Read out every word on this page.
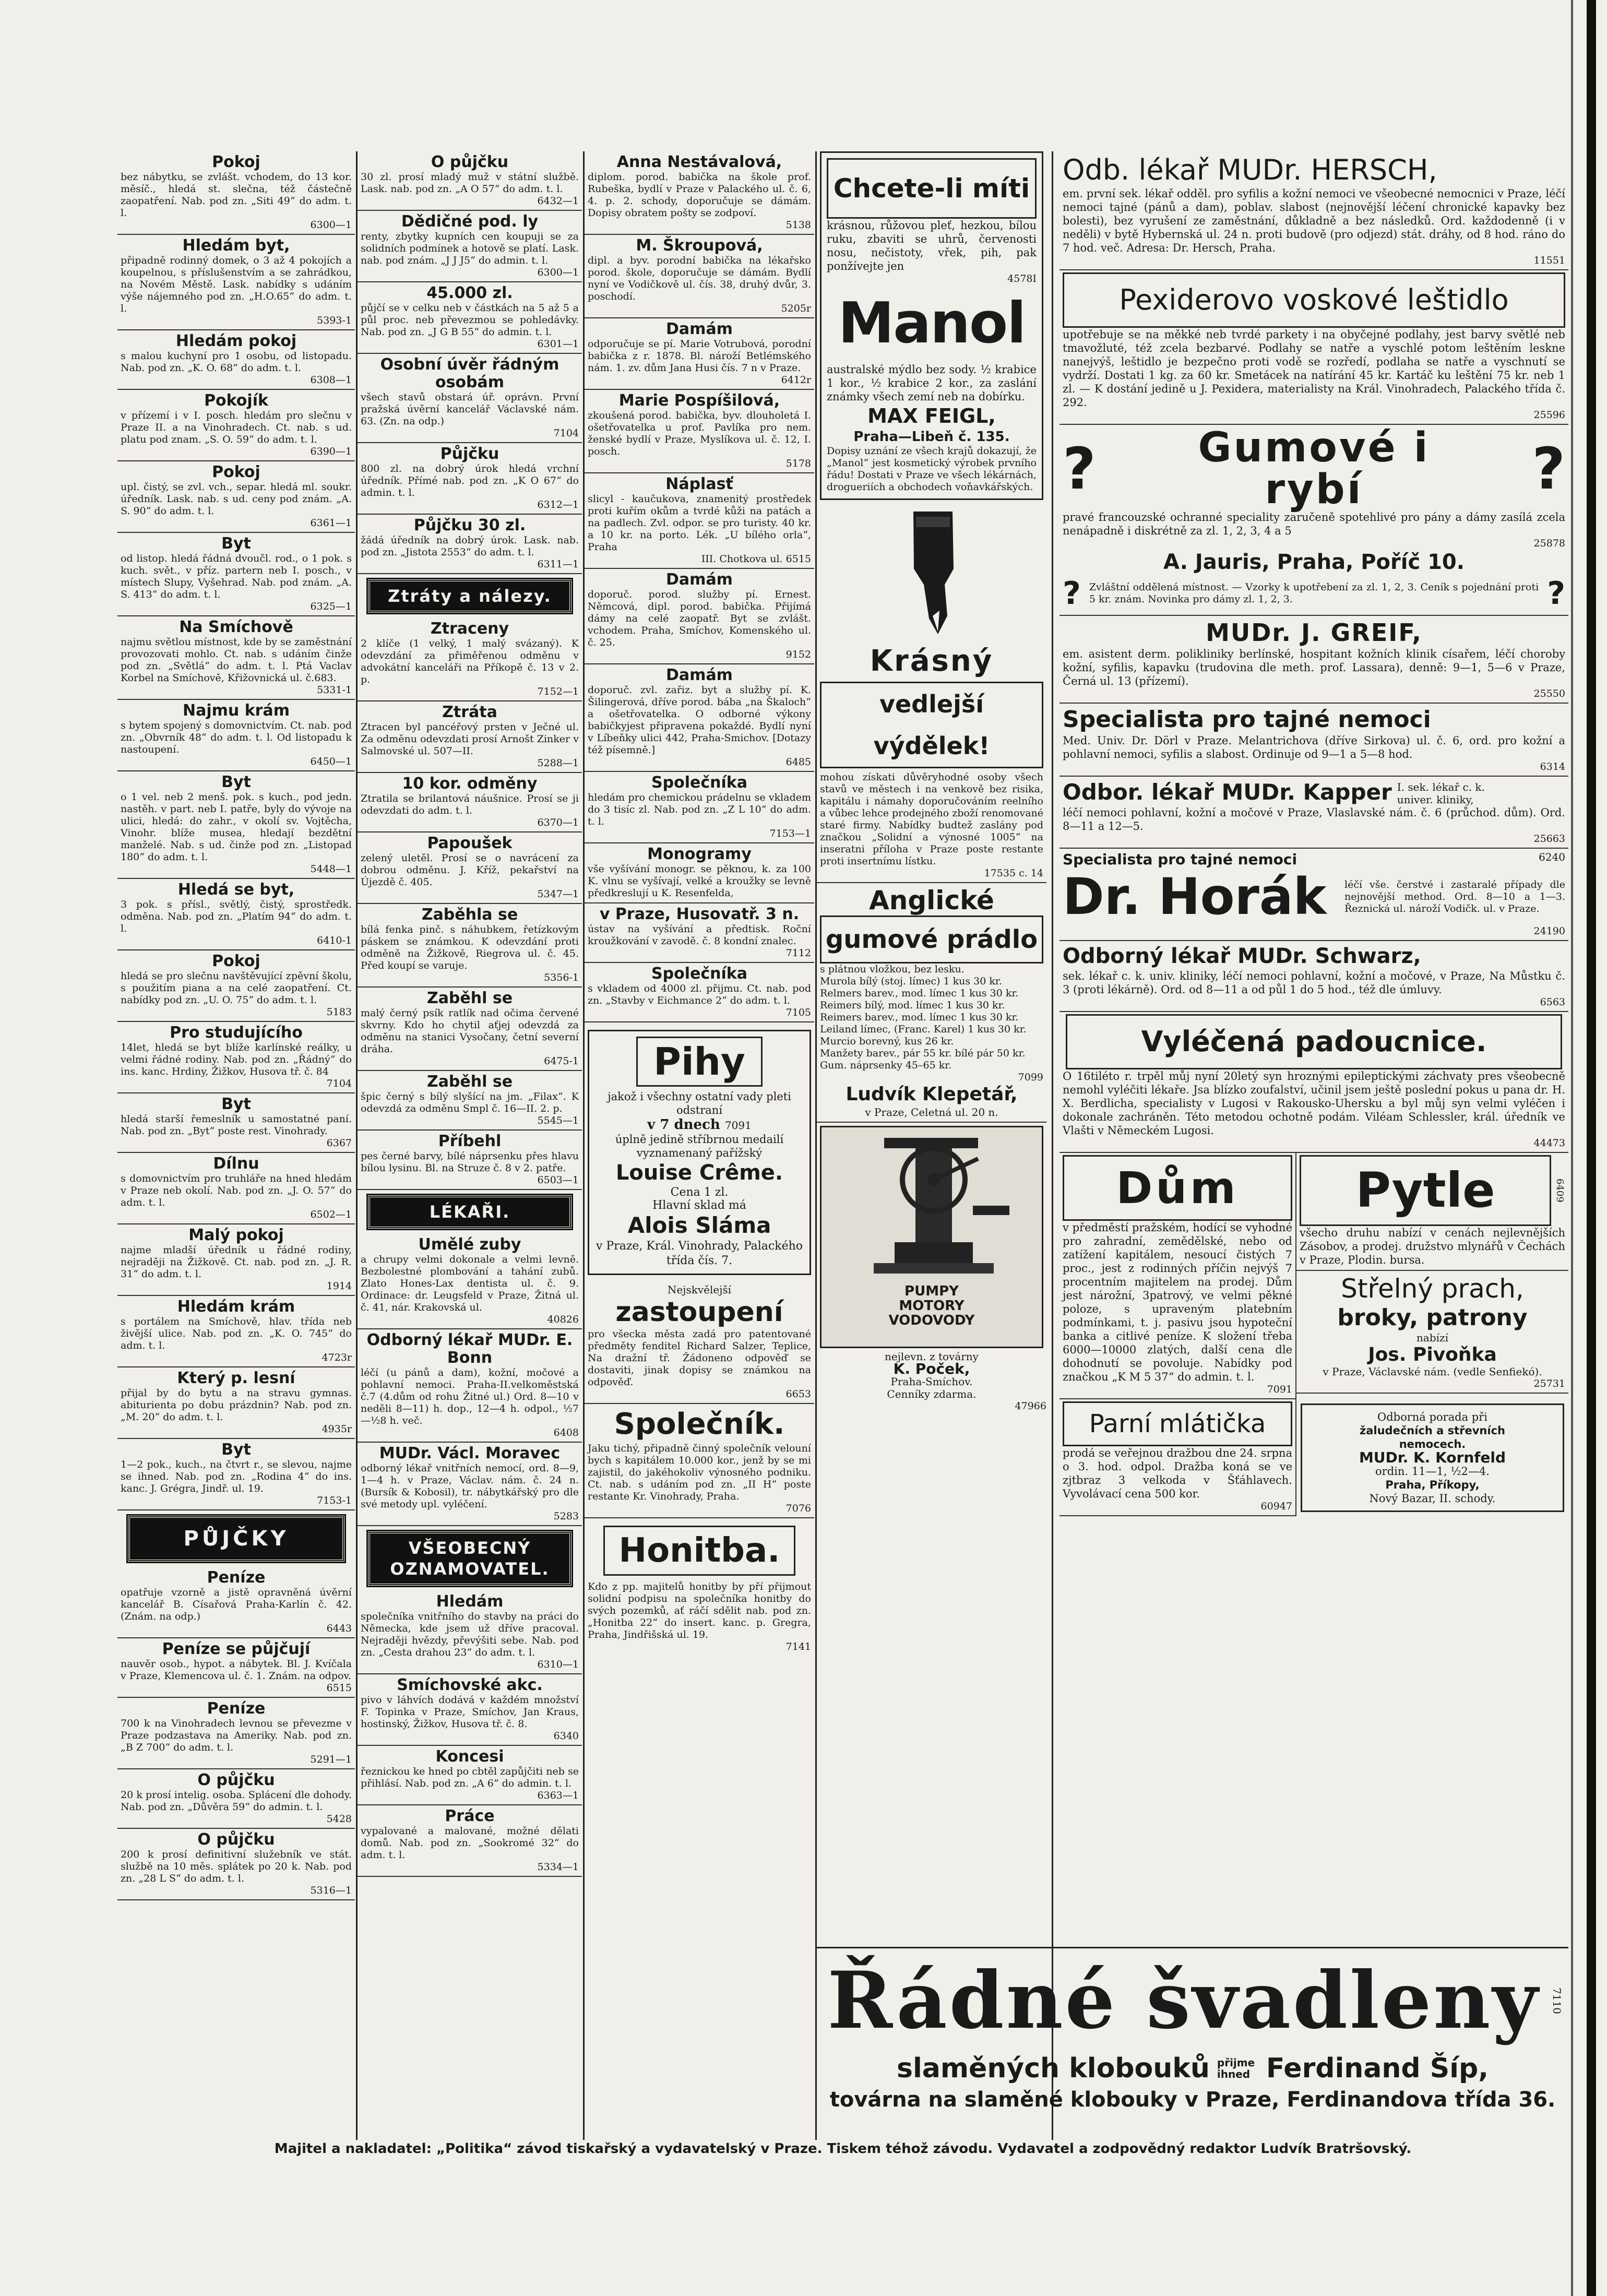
Pokoj
bez nábytku, se zvlášt. vchodem, do 13 kor. měsíč., hledá st. slečna, též částečně zaopatření. Nab. pod zn. „Siti 49“ do adm. t. l.
6300—1
Hledám byt,
připadně rodinný domek, o 3 až 4 pokojích a koupelnou, s příslušenstvím a se zahrádkou, na Novém Městě. Lask. nabídky s udáním výše nájemného pod zn. „H.O.65“ do adm. t. l.
5393-1
Hledám pokoj
s malou kuchyní pro 1 osobu, od listopadu. Nab. pod zn. „K. O. 68“ do adm. t. l.
6308—1
Pokojík
v přízemí i v I. posch. hledám pro slečnu v Praze II. a na Vinohradech. Ct. nab. s ud. platu pod znam. „S. O. 59“ do adm. t. l.
6390—1
Pokoj
upl. čistý, se zvl. vch., separ. hledá ml. soukr. úředník. Lask. nab. s ud. ceny pod znám. „A. S. 90“ do adm. t. l.
6361—1
Byt
od listop. hledá řádná dvoučl. rod., o 1 pok. s kuch. svět., v příz. partern neb I. posch., v místech Slupy, Vyšehrad. Nab. pod znám. „A. S. 413“ do adm. t. l.
6325—1
Na Smíchově
najmu světlou místnost, kde by se zaměstnání provozovati mohlo. Ct. nab. s udáním činže pod zn. „Světlá“ do adm. t. l. Ptá Vaclav Korbel na Smíchově, Křižovnická ul. č.683.
5331-1
Najmu krám
s bytem spojený s domovnictvím. Ct. nab. pod zn. „Obvrník 48“ do adm. t. l. Od listopadu k nastoupení.
6450—1
Byt
o 1 vel. neb 2 menš. pok. s kuch., pod jedn. nastěh. v part. neb I. patře, byly do vývoje na ulici, hledá: do zahr., v okolí sv. Vojtěcha, Vinohr. blíže musea, hledají bezdětní manželé. Nab. s ud. činže pod zn. „Listopad 180“ do adm. t. l.
5448—1
Hledá se byt,
3 pok. s přísl., světlý, čistý, sprostředk. odměna. Nab. pod zn. „Platím 94“ do adm. t. l.
6410-1
Pokoj
hledá se pro slečnu navštěvující zpěvní školu, s použitím piana a na celé zaopatření. Ct. nabídky pod zn. „U. O. 75“ do adm. t. l.
5183
Pro studujícího
14let, hledá se byt blíže karlínské reálky, u velmi řádné rodiny. Nab. pod zn. „Řádný“ do ins. kanc. Hrdiny, Žižkov, Husova tř. č. 84
7104
Byt
hledá starší řemeslník u samostatné paní. Nab. pod zn. „Byt“ poste rest. Vinohrady.
6367
Dílnu
s domovnictvím pro truhláře na hned hledám v Praze neb okolí. Nab. pod zn. „J. O. 57“ do adm. t. l.
6502—1
Malý pokoj
najme mladší úředník u řádné rodiny, nejraději na Žižkově. Ct. nab. pod zn. „J. R. 31“ do adm. t. l.
1914
Hledám krám
s portálem na Smíchově, hlav. třída neb živější ulice. Nab. pod zn. „K. O. 745“ do adm. t. l.
4723r
Který p. lesní
přijal by do bytu a na stravu gymnas. abiturienta po dobu prázdnin? Nab. pod zn. „M. 20“ do adm. t. l.
4935r
Byt
1—2 pok., kuch., na čtvrt r., se slevou, najme se ihned. Nab. pod zn. „Rodina 4“ do ins. kanc. J. Grégra, Jindř. ul. 19.
7153-1
PŮJČKY
Peníze
opatřuje vzorně a jistě opravněná úvěrní kancelář B. Císařová Praha-Karlín č. 42. (Znám. na odp.)
6443
Peníze se půjčují
nauvěr osob., hypot. a nábytek. Bl. J. Kvíčala v Praze, Klemencova ul. č. 1. Znám. na odpov.
6515
Peníze
700 k na Vinohradech levnou se převezme v Praze podzastava na Ameriky. Nab. pod zn. „B Z 700“ do adm. t. l.
5291—1
O půjčku
20 k prosí intelig. osoba. Splácení dle dohody. Nab. pod zn. „Důvěra 59“ do admin. t. l.
5428
O půjčku
200 k prosí definitivní služebník ve stát. službě na 10 měs. splátek po 20 k. Nab. pod zn. „28 L S“ do adm. t. l.
5316—1
O půjčku
30 zl. prosí mladý muž v státní službě. Lask. nab. pod zn. „A O 57“ do adm. t. l.
6432—1
Dědičné pod. ly
renty, zbytky kupních cen koupuji se za solidních podmínek a hotově se platí. Lask. nab. pod znám. „J J J5“ do admin. t. l.
6300—1
45.000 zl.
půjčí se v celku neb v částkách na 5 až 5 a půl proc. neb převezmou se pohledávky. Nab. pod zn. „J G B 55“ do admin. t. l.
6301—1
Osobní úvěr řádným osobám
všech stavů obstará úř. oprávn. První pražská úvěrní kancelář Václavské nám. 63. (Zn. na odp.)
7104
Půjčku
800 zl. na dobrý úrok hledá vrchní úředník. Přímé nab. pod zn. „K O 67“ do admin. t. l.
6312—1
Půjčku 30 zl.
žádá úředník na dobrý úrok. Lask. nab. pod zn. „Jistota 2553“ do adm. t. l.
6311—1
Ztráty a nálezy.
Ztraceny
2 klíče (1 velký, 1 malý svázaný). K odevzdání za přiměřenou odměnu v advokátní kanceláři na Příkopě č. 13 v 2. p.
7152—1
Ztráta
Ztracen byl pancéřový prsten v Ječné ul. Za odměnu odevzdati prosí Arnošt Zinker v Salmovské ul. 507—II.
5288—1
10 kor. odměny
Ztratila se brilantová náušnice. Prosí se ji odevzdati do adm. t. l.
6370—1
Papoušek
zelený uletěl. Prosí se o navrácení za dobrou odměnu. J. Kříž, pekařství na Újezdě č. 405.
5347—1
Zaběhla se
bílá fenka pinč. s náhubkem, řetízkovým páskem se známkou. K odevzdání proti odměně na Žižkově, Riegrova ul. č. 45. Před koupí se varuje.
5356-1
Zaběhl se
malý černý psík ratlík nad očima červené skvrny. Kdo ho chytil aťjej odevzdá za odměnu na stanici Vysočany, četní severní dráha.
6475-1
Zaběhl se
špic černý s bílý slyšící na jm. „Filax“. K odevzdá za odměnu Smpl č. 16—II. 2. p.
5545—1
Příbehl
pes černé barvy, bílé náprsenku přes hlavu bílou lysinu. Bl. na Struze č. 8 v 2. patře.
6503—1
LÉKAŘI.
Umělé zuby
a chrupy velmi dokonale a velmi levně. Bezbolestné plombování a tahání zubů. Zlato Hones-Lax dentista ul. č. 9. Ordinace: dr. Leugsfeld v Praze, Žitná ul. č. 41, nár. Krakovská ul.
40826
Odborný lékař MUDr. E. Bonn
léčí (u pánů a dam), kožní, močové a pohlavní nemoci. Praha-II.velkoměstská č.7 (4.dům od rohu Žitné ul.) Ord. 8—10 v neděli 8—11) h. dop., 12—4 h. odpol., ½7—½8 h. več.
6408
MUDr. Václ. Moravec
odborný lékař vnitřních nemocí, ord. 8—9, 1—4 h. v Praze, Václav. nám. č. 24 n. (Bursík & Kobosil), tr. nábytkářský pro dle své metody upl. vyléčení.
5283
VŠEOBECNÝ OZNAMOVATEL.
Hledám
společníka vnitřního do stavby na práci do Německa, kde jsem už dříve pracoval. Nejraději hvězdy, převýšiti sebe. Nab. pod zn. „Cesta drahou 23“ do adm. t. l.
6310—1
Smíchovské akc.
pivo v láhvích dodává v každém množství F. Topinka v Praze, Smíchov, Jan Kraus, hostinský, Žižkov, Husova tř. č. 8.
6340
Koncesi
řeznickou ke hned po cbtěl zapůjčiti neb se přihlásí. Nab. pod zn. „A 6“ do admin. t. l.
6363—1
Práce
vypalované a malované, možné dělati domů. Nab. pod zn. „Sookromé 32“ do adm. t. l.
5334—1
Anna Nestávalová,
diplom. porod. babička na škole prof. Rubeška, bydlí v Praze v Palackého ul. č. 6, 4. p. 2. schody, doporučuje se dámám. Dopisy obratem pošty se zodpoví.
5138
M. Škroupová,
dipl. a byv. porodní babička na lékařsko porod. škole, doporučuje se dámám. Bydlí nyní ve Vodičkově ul. čís. 38, druhý dvůr, 3. poschodí.
5205r
Damám
odporučuje se pí. Marie Votrubová, porodní babička z r. 1878. Bl. nároží Betlémského nám. 1. zv. dům Jana Husi čís. 7 n v Praze.
6412r
Marie Pospíšilová,
zkoušená porod. babička, byv. dlouholetá I. ošetřovatelka u prof. Pavlíka pro nem. ženské bydlí v Praze, Myslíkova ul. č. 12, I. posch.
5178
Náplasť
slicyl - kaučukova, znamenitý prostředek proti kuřím okům a tvrdé kůži na patách a na padlech. Zvl. odpor. se pro turisty. 40 kr. a 10 kr. na porto. Lék. „U bílého orla“, Praha
III. Chotkova ul. 6515
Damám
doporuč. porod. služby pí. Ernest. Němcová, dipl. porod. babička. Přijímá dámy na celé zaopatř. Byt se zvlášt. vchodem. Praha, Smíchov, Komenského ul. č. 25.
9152
Damám
doporuč. zvl. zařiz. byt a služby pí. K. Šilingerová, dříve porod. bába „na Škaloch“ a ošetřovatelka. O odborné výkony babičkyjest připravena pokaždé. Bydlí nyní v Líbeňky ulici 442, Praha-Smichov. [Dotazy též písemně.]
6485
Společníka
hledám pro chemickou prádelnu se vkladem do 3 tisíc zl. Nab. pod zn. „Z L 10“ do adm. t. l.
7153—1
Monogramy
vše vyšívání monogr. se pěknou, k. za 100 K. vlnu se vyšívají, velké a kroužky se levně předkreslují u K. Resenfelda,
v Praze, Husovatř. 3 n.
ústav na vyšívání a předtisk. Roční kroužkování v zavodě. č. 8 kondní znalec.
7112
Společníka
s vkladem od 4000 zl. přijmu. Ct. nab. pod zn. „Stavby v Eichmance 2“ do adm. t. l.
7105
Pihy
jakož i všechny ostatní vady pleti odstraní
v 7 dnech 7091
úplně jedině stříbrnou medailí vyznamenaný pařížský
Louise Crême.
Cena 1 zl.
Hlavní sklad má
Alois Sláma
v Praze, Král. Vinohrady, Palackého třída čís. 7.
Nejskvělejší
zastoupení
pro všecka města zadá pro patentované předměty fenditel Richard Salzer, Teplice, Na dražní tř. Žádoneno odpověď se dostaviti, jinak dopisy se známkou na odpověď.
6653
Společník.
Jaku tichý, připadně činný společník velouní bych s kapitálem 10.000 kor., jenž by se mi zajistil, do jakéhokoliv výnosného podniku. Ct. nab. s udáním pod zn. „II H“ poste restante Kr. Vinohrady, Praha.
7076
Honitba.
Kdo z pp. majitelů honitby by pří přijmout solidní podpisu na společníka honitby do svých pozemků, ať ráčí sdělit nab. pod zn. „Honitba 22“ do insert. kanc. p. Gregra, Praha, Jindřišská ul. 19.
7141
Chcete-li míti
krásnou, růžovou pleť, hezkou, bílou ruku, zbaviti se uhrů, červenosti nosu, nečistoty, vřek, pih, pak ponžívejte jen
4578I
Manol
australské mýdlo bez sody. ½ krabice 1 kor., ½ krabice 2 kor., za zaslání známky všech zemí neb na dobírku.
MAX FEIGL,
Praha—Libeň č. 135.
Dopisy uznání ze všech krajů dokazují, že „Manol“ jest kosmetický výrobek prvního řádu! Dostati v Praze ve všech lékárnách, drogueriích a obchodech voňavkářských.
Krásný
vedlejší výdělek!
mohou získati důvěryhodné osoby všech stavů ve městech i na venkově bez risika, kapitálu i námahy doporučováním reelního a vůbec lehce prodejného zboží renomované staré firmy. Nabídky budtež zaslány pod značkou „Solidní a výnosné 1005“ na inseratni příloha v Praze poste restante proti insertnímu lístku.
17535 c. 14
Anglické
gumové prádlo
s plátnou vložkou, bez lesku.
Murola bílý (stoj. límec) 1 kus 30 kr.
Relmers barev., mod. límec 1 kus 30 kr.
Reimers bílý, mod. límec 1 kus 30 kr.
Reimers barev., mod. límec 1 kus 30 kr.
Leiland límec, (Franc. Karel) 1 kus 30 kr.
Murcio borevný, kus 26 kr.
Manžety barev., pár 55 kr. bílé pár 50 kr.
Gum. náprsenky 45–65 kr.
7099
Ludvík Klepetář,
v Praze, Celetná ul. 20 n.
PUMPY MOTORY VODOVODY
nejlevn. z továrny
K. Poček,
Praha-Smíchov.
Cenníky zdarma.
47966
Odb. lékař MUDr. HERSCH,
em. první sek. lékař odděl. pro syfilis a kožní nemoci ve všeobecné nemocnici v Praze, léčí nemoci tajné (pánů a dam), poblav. slabost (nejnovější léčení chronické kapavky bez bolesti), bez vyrušení ze zaměstnání, důkladně a bez následků. Ord. každodenně (i v neděli) v bytě Hybernská ul. 24 n. proti budově (pro odjezd) stát. dráhy, od 8 hod. ráno do 7 hod. več. Adresa: Dr. Hersch, Praha.
11551
Pexiderovo voskové leštidlo
upotřebuje se na měkké neb tvrdé parkety i na obyčejné podlahy, jest barvy světlé neb tmavožluté, též zcela bezbarvé. Podlahy se natře a vyschlé potom leštěním leskne nanejvýš, leštidlo je bezpečno proti vodě se rozředí, podlaha se natře a vyschnutí se vydrží. Dostati 1 kg. za 60 kr. Smetácek na natírání 45 kr. Kartáč ku leštění 75 kr. neb 1 zl. — K dostání jedině u J. Pexidera, materialisty na Král. Vinohradech, Palackého třída č. 292.
25596
?	Gumové i rybí	?
pravé francouzské ochranné speciality zaručeně spotehlivé pro pány a dámy zasílá zcela nenápadně i diskrétně za zl. 1, 2, 3, 4 a 5
25878
A. Jauris, Praha, Poříč 10.
? Zvláštní oddělená místnost. — Vzorky k upotřebení za zl. 1, 2, 3. Ceník s pojednání proti 5 kr. znám. Novinka pro dámy zl. 1, 2, 3.	?
MUDr. J. GREIF,
em. asistent derm. polikliniky berlínské, hospitant kožních klinik císařem, léčí choroby kožní, syfilis, kapavku (trudovina dle meth. prof. Lassara), denně: 9—1, 5—6 v Praze, Černá ul. 13 (přízemí).
25550
Specialista pro tajné nemoci
Med. Univ. Dr. Dörl v Praze. Melantrichova (dříve Sirkova) ul. č. 6, ord. pro kožní a pohlavní nemoci, syfilis a slabost. Ordinuje od 9—1 a 5—8 hod.
6314
Odbor. lékař MUDr. Kapper I. sek. lékař c. k. univer. kliniky,
léčí nemoci pohlavní, kožní a močové v Praze, Vlaslavské nám. č. 6 (průchod. dům). Ord. 8—11 a 12—5.
25663
Specialista pro tajné nemoci	6240
Dr. Horák	léčí vše. čerstvé i zastaralé případy dle nejnovější method. Ord. 8—10 a 1—3. Řeznická ul. nároží Vodičk. ul. v Praze.
24190
Odborný lékař MUDr. Schwarz,
sek. lékař c. k. univ. kliniky, léčí nemoci pohlavní, kožní a močové, v Praze, Na Můstku č. 3 (proti lékárně). Ord. od 8—11 a od půl 1 do 5 hod., též dle úmluvy.
6563
Vyléčená padoucnice.
O 16tiléto r. trpěl můj nyní 20letý syn hroznými epileptickými záchvaty pres všeobecně nemohl vyléčiti lékaře. Jsa blízko zoufalství, učinil jsem ještě poslední pokus u pana dr. H. X. Berdlicha, specialisty v Lugosi v Rakousko-Uhersku a byl můj syn velmi vyléčen i dokonale zachráněn. Této metodou ochotně podám. Viléam Schlessler, král. úředník ve Vlašti v Německém Lugosi.
44473
Dům
v předměstí pražském, hodící se vyhodné pro zahradní, zemědělské, nebo od zatížení kapitálem, nesoucí čistých 7 proc., jest z rodinných příčin nejvýš 7 procentním majitelem na prodej. Dům jest nárožní, 3patrový, ve velmi pěkné poloze, s upraveným platebním podmínkami, t. j. pasivu jsou hypoteční banka a citlivé peníze. K složení třeba 6000—10000 zlatých, další cena dle dohodnutí se povoluje. Nabídky pod značkou „K M 5 37“ do admin. t. l.
7091
Pytle	6409
všecho druhu nabízí v cenách nejlevnějších Zásobov, a prodej. družstvo mlynářů v Čechách v Praze, Plodin. bursa.
Střelný prach,
broky, patrony
nabízí
Jos. Pivoňka
v Praze, Václavské nám. (vedle Senfiekó).
25731
Parní mlátička
prodá se veřejnou dražbou dne 24. srpna o 3. hod. odpol. Dražba koná se ve zjtbraz 3 velkoda v Šťáhlavech. Vyvolávací cena 500 kor.
60947
Odborná porada při
žaludečních a střevních
nemocech.
MUDr. K. Kornfeld
ordin. 11—1, ½2—4.
Praha, Příkopy,
Nový Bazar, II. schody.
Řádné švadleny	7110
slaměných klobouků přijme ihned Ferdinand Šíp,
továrna na slaměné klobouky v Praze, Ferdinandova třída 36.
Majitel a nakladatel: „Politika“ závod tiskařský a vydavatelský v Praze. Tiskem téhož závodu. Vydavatel a zodpovědný redaktor Ludvík Bratršovský.
